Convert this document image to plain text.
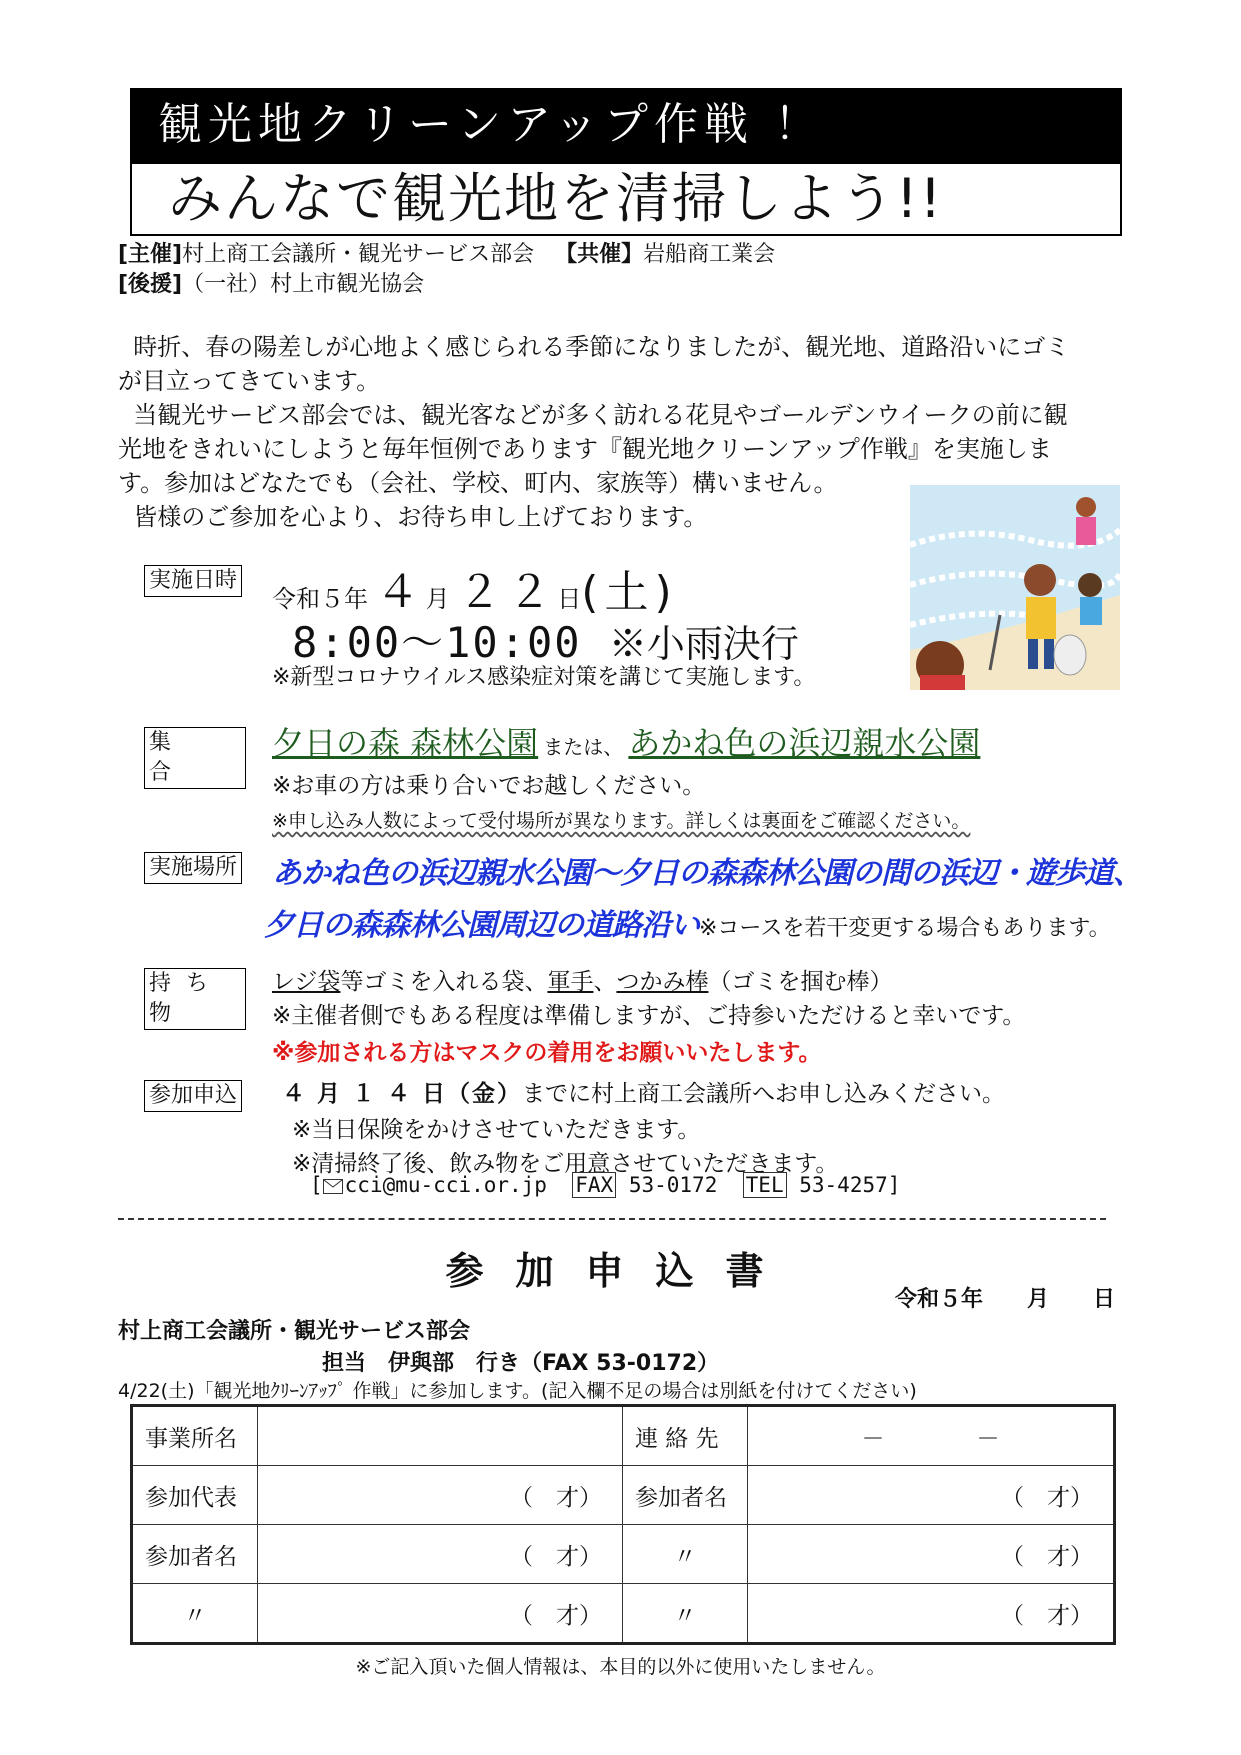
観光地クリーンアップ作戦 ！
みんなで観光地を清掃しよう!!
[主催]村上商工会議所・観光サービス部会 【共催】岩船商工業会
[後援]（一社）村上市観光協会

時折、春の陽差しが心地よく感じられる季節になりましたが、観光地、道路沿いにゴミ

が目立ってきています。

当観光サービス部会では、観光客などが多く訪れる花見やゴールデンウイークの前に観

光地をきれいにしようと毎年恒例であります『観光地クリーンアップ作戦』を実施しま

す。参加はどなたでも（会社、学校、町内、家族等）構いません。

皆様のご参加を心より、お待ち申し上げております。

実施日時
令和５年 ４月 ２２日(土)
8:00～10:00 ※小雨決行
※新型コロナウイルス感染症対策を講じて実施します。
集　　合
夕日の森 森林公園 または、 あかね色の浜辺親水公園
※お車の方は乗り合いでお越しください。
※申し込み人数によって受付場所が異なります。詳しくは裏面をご確認ください。
実施場所 あかね色の浜辺親水公園～夕日の森森林公園の間の浜辺・遊歩道、
夕日の森森林公園周辺の道路沿い※コースを若干変更する場合もあります。
持 ち 物
レジ袋等ゴミを入れる袋、軍手、つかみ棒（ゴミを掴む棒）
※主催者側でもある程度は準備しますが、ご持参いただけると幸いです。
※参加される方はマスクの着用をお願いいたします。
参加申込 ４ 月 １ ４ 日（金）までに村上商工会議所へお申し込みください。
※当日保険をかけさせていただきます。
※清掃終了後、飲み物をご用意させていただきます。
[ cci@mu-cci.or.jp FAX 53-0172 TEL 53-4257]
参加申込書
令和５年　　月　　日
村上商工会議所・観光サービス部会
担当　伊與部　行き（FAX 53-0172）
4/22(土)「観光地ｸﾘｰﾝｱｯﾌﾟ 作戦」に参加します。(記入欄不足の場合は別紙を付けてください)
事業所名		連 絡 先	－　　　　－
参加代表	（　才）	参加者名	（　才）
参加者名	（　才）	〃	（　才）
〃	（　才）	〃	（　才）
※ご記入頂いた個人情報は、本目的以外に使用いたしません。
